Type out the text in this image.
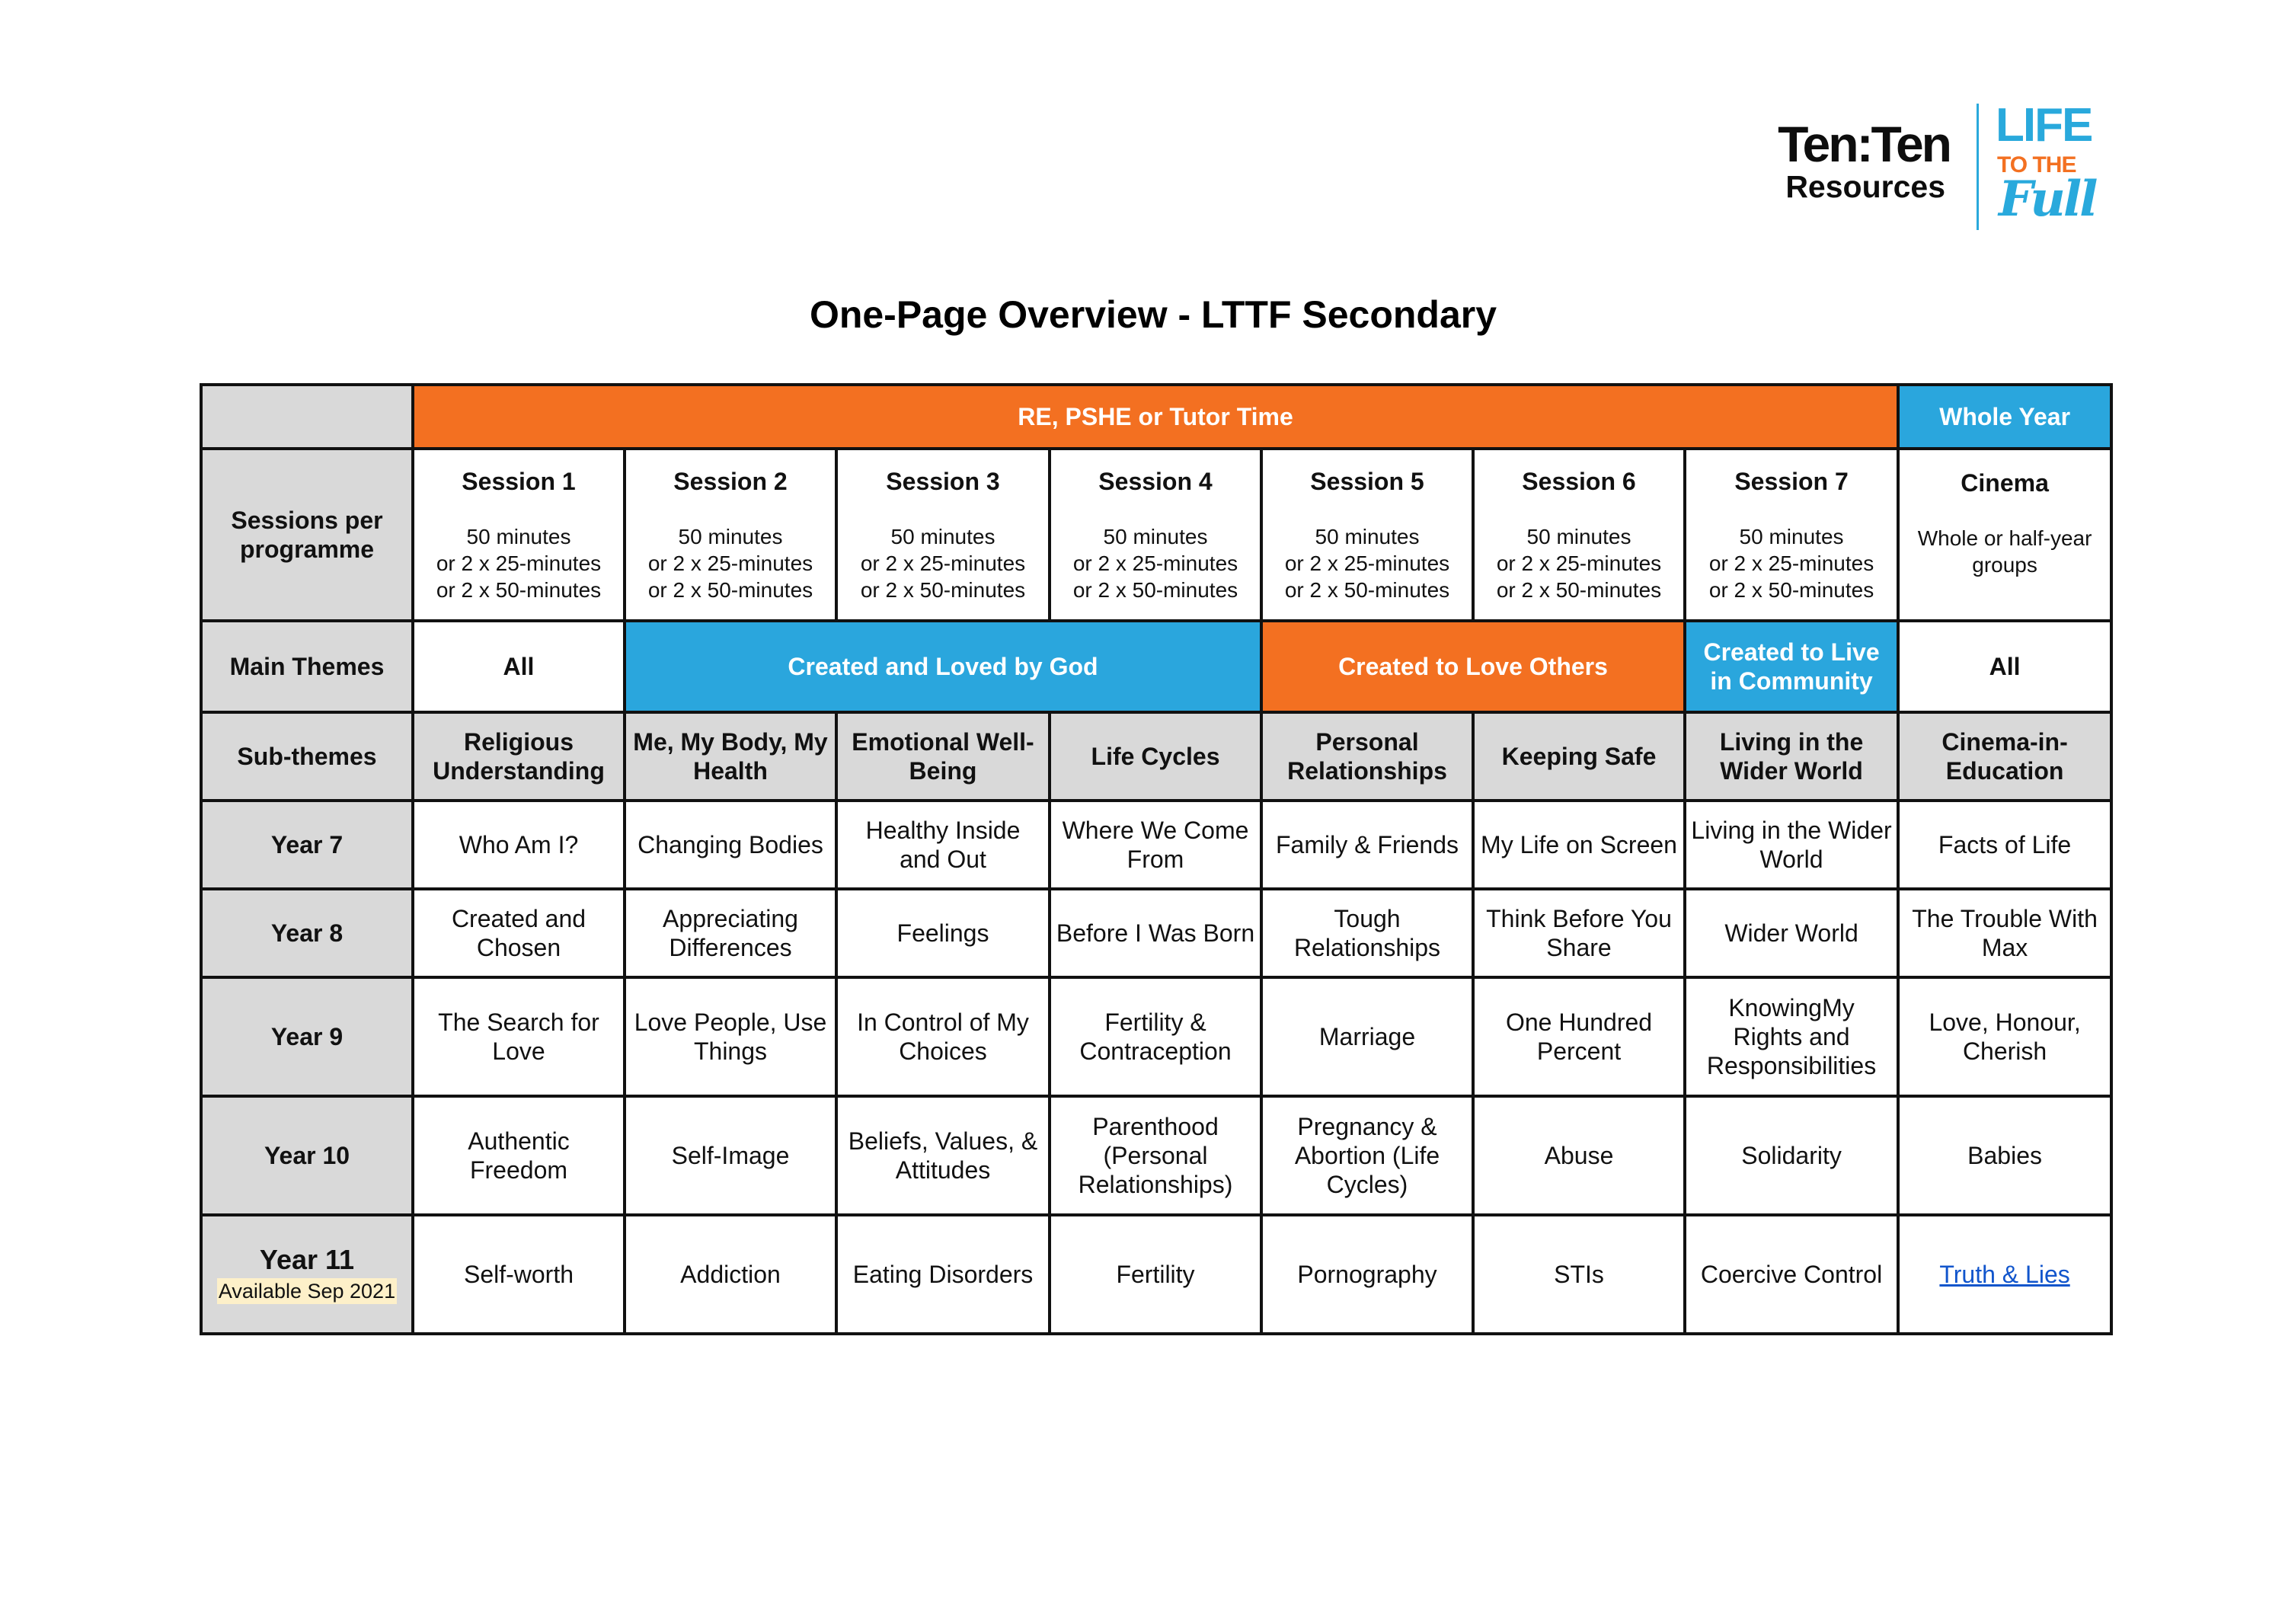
Ten:Ten
Resources
LIFE
TO THE
Full
One-Page Overview - LTTF Secondary
	RE, PSHE or Tutor Time							Whole Year
Sessions per programme	Session 1
50 minutes
or 2 x 25-minutes
or 2 x 50-minutes	Session 2
50 minutes
or 2 x 25-minutes
or 2 x 50-minutes	Session 3
50 minutes
or 2 x 25-minutes
or 2 x 50-minutes	Session 4
50 minutes
or 2 x 25-minutes
or 2 x 50-minutes	Session 5
50 minutes
or 2 x 25-minutes
or 2 x 50-minutes	Session 6
50 minutes
or 2 x 25-minutes
or 2 x 50-minutes	Session 7
50 minutes
or 2 x 25-minutes
or 2 x 50-minutes	Cinema
Whole or half-year
groups

Main Themes	All	Created and Loved by God			Created to Love Others		Created to Live in Community	All
Sub-themes	Religious Understanding	Me, My Body, My Health	Emotional Well-Being	Life Cycles	Personal Relationships	Keeping Safe	Living in the Wider World	Cinema-in-Education
Year 7	Who Am I?	Changing Bodies	Healthy Inside and Out	Where We Come From	Family & Friends	My Life on Screen	Living in the Wider World	Facts of Life
Year 8	Created and Chosen	Appreciating Differences	Feelings	Before I Was Born	Tough Relationships	Think Before You Share	Wider World	The Trouble With Max
Year 9	The Search for Love	Love People, Use Things	In Control of My Choices	Fertility & Contraception	Marriage	One Hundred Percent	KnowingMy Rights and Responsibilities	Love, Honour, Cherish
Year 10	Authentic Freedom	Self-Image	Beliefs, Values, & Attitudes	Parenthood (Personal Relationships)	Pregnancy & Abortion (Life Cycles)	Abuse	Solidarity	Babies

Year 11
Available Sep 2021	Self-worth	Addiction	Eating Disorders	Fertility	Pornography	STIs	Coercive Control	Truth & Lies
